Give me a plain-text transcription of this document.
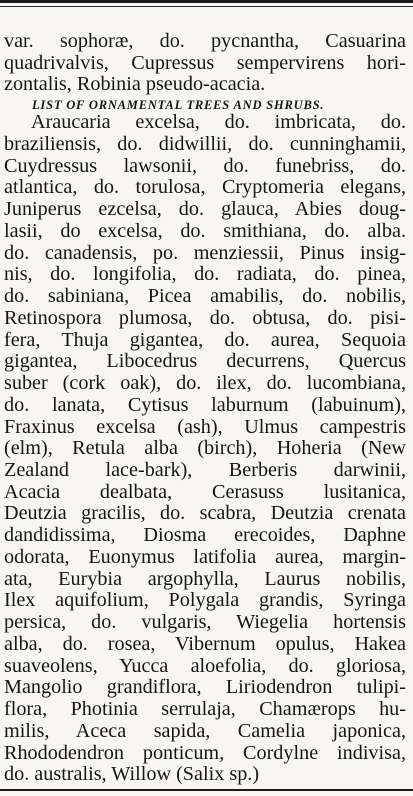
var. sophoræ, do. pycnantha, Casuarina
quadrivalvis, Cupressus sempervirens hori-
zontalis, Robinia pseudo-acacia.
LIST OF ORNAMENTAL TREES AND SHRUBS.
Araucaria excelsa, do. imbricata, do.
braziliensis, do. didwillii, do. cunninghamii,
Cuydressus lawsonii, do. funebriss, do.
atlantica, do. torulosa, Cryptomeria elegans,
Juniperus ezcelsa, do. glauca, Abies doug-
lasii, do excelsa, do. smithiana, do. alba.
do. canadensis, po. menziessii, Pinus insig-
nis, do. longifolia, do. radiata, do. pinea,
do. sabiniana, Picea amabilis, do. nobilis,
Retinospora plumosa, do. obtusa, do. pisi-
fera, Thuja gigantea, do. aurea, Sequoia
gigantea, Libocedrus decurrens, Quercus
suber (cork oak), do. ilex, do. lucombiana,
do. lanata, Cytisus laburnum (labuinum),
Fraxinus excelsa (ash), Ulmus campestris
(elm), Retula alba (birch), Hoheria (New
Zealand lace-bark), Berberis darwinii,
Acacia dealbata, Cerasuss lusitanica,
Deutzia gracilis, do. scabra, Deutzia crenata
dandidissima, Diosma erecoides, Daphne
odorata, Euonymus latifolia aurea, margin-
ata, Eurybia argophylla, Laurus nobilis,
Ilex aquifolium, Polygala grandis, Syringa
persica, do. vulgaris, Wiegelia hortensis
alba, do. rosea, Vibernum opulus, Hakea
suaveolens, Yucca aloefolia, do. gloriosa,
Mangolio grandiflora, Liriodendron tulipi-
flora, Photinia serrulaja, Chamærops hu-
milis, Aceca sapida, Camelia japonica,
Rhododendron ponticum, Cordylne indivisa,
do. australis, Willow (Salix sp.)
